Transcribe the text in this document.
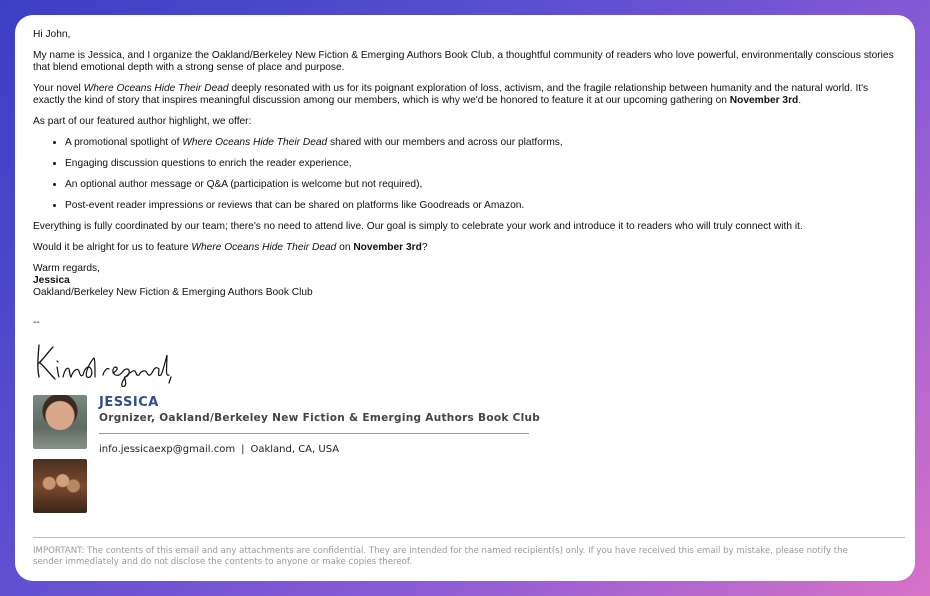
Hi John,

My name is Jessica, and I organize the Oakland/Berkeley New Fiction & Emerging Authors Book Club, a thoughtful community of readers who love powerful, environmentally conscious stories that blend emotional depth with a strong sense of place and purpose.

Your novel Where Oceans Hide Their Dead deeply resonated with us for its poignant exploration of loss, activism, and the fragile relationship between humanity and the natural world. It's exactly the kind of story that inspires meaningful discussion among our members, which is why we'd be honored to feature it at our upcoming gathering on November 3rd.

As part of our featured author highlight, we offer:

• A promotional spotlight of Where Oceans Hide Their Dead shared with our members and across our platforms,
• Engaging discussion questions to enrich the reader experience,
• An optional author message or Q&A (participation is welcome but not required),
• Post-event reader impressions or reviews that can be shared on platforms like Goodreads or Amazon.

Everything is fully coordinated by our team; there's no need to attend live. Our goal is simply to celebrate your work and introduce it to readers who will truly connect with it.

Would it be alright for us to feature Where Oceans Hide Their Dead on November 3rd?

Warm regards,
Jessica
Oakland/Berkeley New Fiction & Emerging Authors Book Club
--
JESSICA
Orgnizer, Oakland/Berkeley New Fiction & Emerging Authors Book Club
info.jessicaexp@gmail.com | Oakland, CA, USA
IMPORTANT: The contents of this email and any attachments are confidential. They are intended for the named recipient(s) only. If you have received this email by mistake, please notify the sender immediately and do not disclose the contents to anyone or make copies thereof.
